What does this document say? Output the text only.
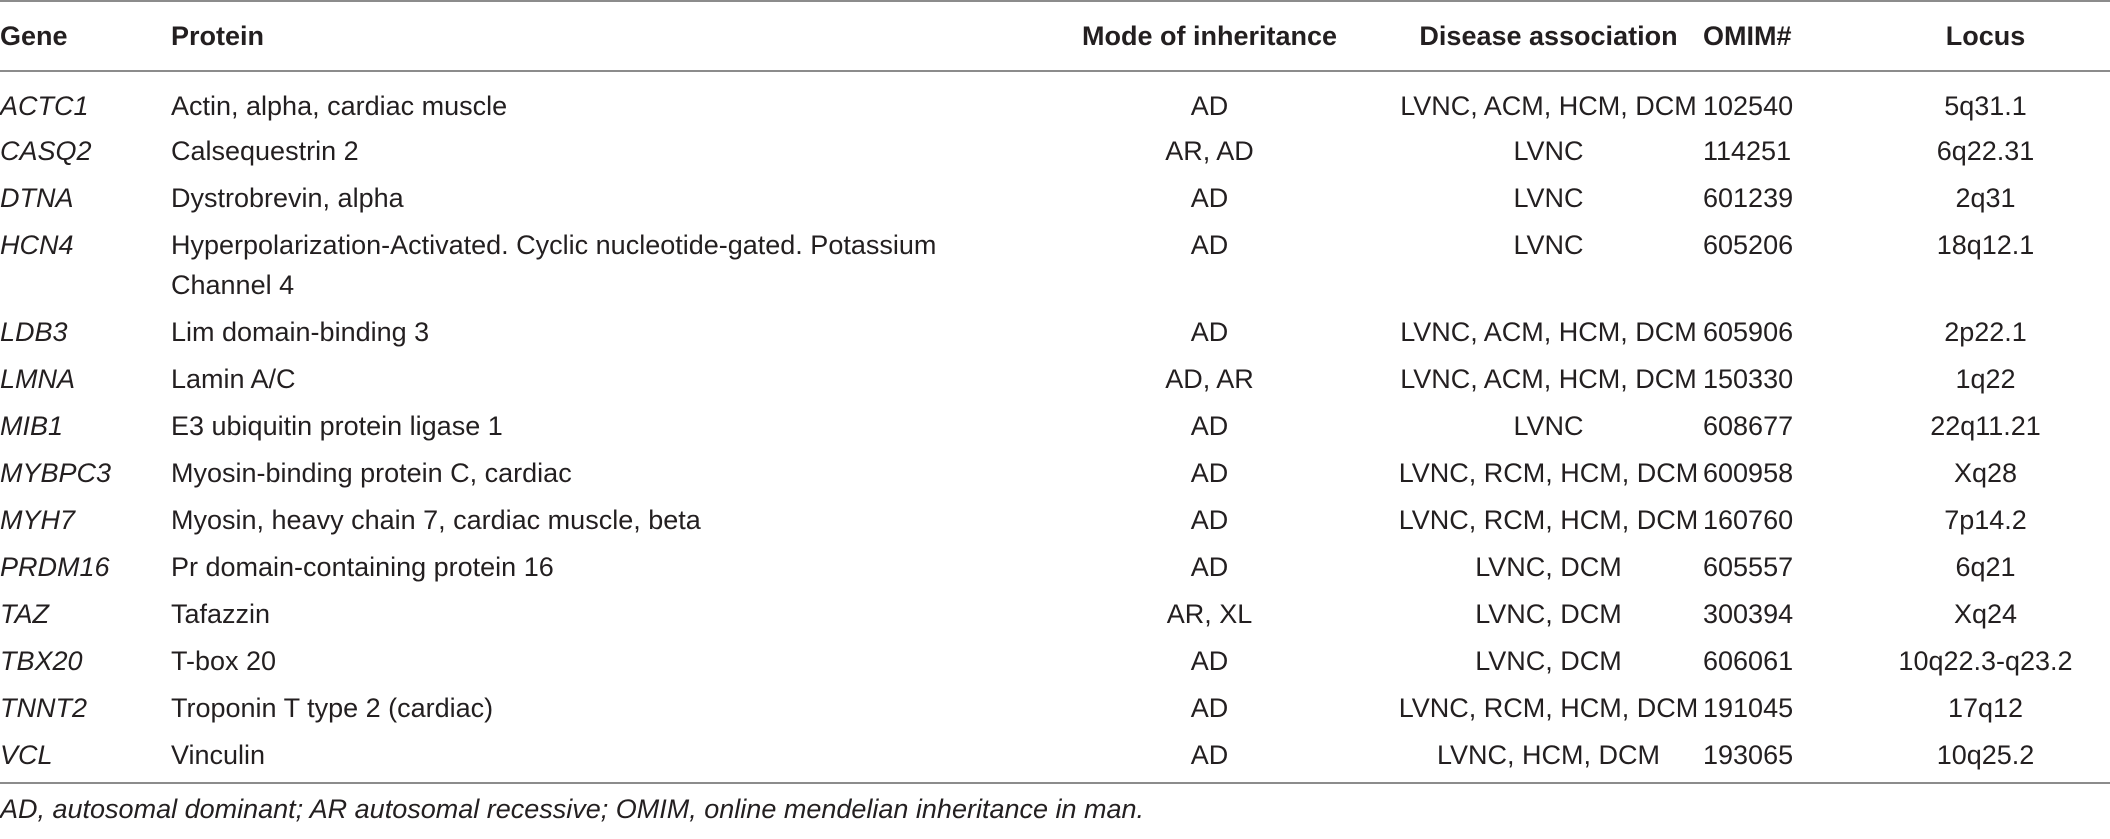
Gene	Protein	Mode of inheritance	Disease association	OMIM#	Locus
ACTC1	Actin, alpha, cardiac muscle	AD	LVNC, ACM, HCM, DCM	102540	5q31.1
CASQ2	Calsequestrin 2	AR, AD	LVNC	114251	6q22.31
DTNA	Dystrobrevin, alpha	AD	LVNC	601239	2q31
HCN4	Hyperpolarization-Activated. Cyclic nucleotide-gated. Potassium Channel 4	AD	LVNC	605206	18q12.1
LDB3	Lim domain-binding 3	AD	LVNC, ACM, HCM, DCM	605906	2p22.1
LMNA	Lamin A/C	AD, AR	LVNC, ACM, HCM, DCM	150330	1q22
MIB1	E3 ubiquitin protein ligase 1	AD	LVNC	608677	22q11.21
MYBPC3	Myosin-binding protein C, cardiac	AD	LVNC, RCM, HCM, DCM	600958	Xq28
MYH7	Myosin, heavy chain 7, cardiac muscle, beta	AD	LVNC, RCM, HCM, DCM	160760	7p14.2
PRDM16	Pr domain-containing protein 16	AD	LVNC, DCM	605557	6q21
TAZ	Tafazzin	AR, XL	LVNC, DCM	300394	Xq24
TBX20	T-box 20	AD	LVNC, DCM	606061	10q22.3-q23.2
TNNT2	Troponin T type 2 (cardiac)	AD	LVNC, RCM, HCM, DCM	191045	17q12
VCL	Vinculin	AD	LVNC, HCM, DCM	193065	10q25.2
AD, autosomal dominant; AR autosomal recessive; OMIM, online mendelian inheritance in man.
